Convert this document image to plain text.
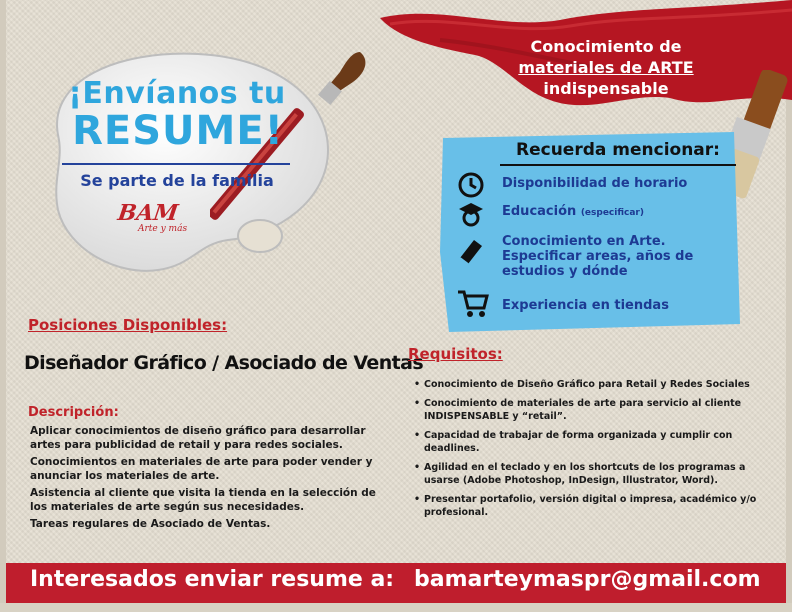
Conocimiento de
materiales de ARTE
indispensable
¡Envíanos tu
RESUME!
Se parte de la familia
BAM
Arte y más
Recuerda mencionar:
Disponibilidad de horario
Educación (especificar)
Conocimiento en Arte. Especificar areas, años de estudios y dónde
Experiencia en tiendas
Posiciones Disponibles:
Diseñador Gráfico / Asociado de Ventas
Descripción:
Aplicar conocimientos de diseño gráfico para desarrollar artes para publicidad de retail y para redes sociales.
Conocimientos en materiales de arte para poder vender y anunciar los materiales de arte.
Asistencia al cliente que visita la tienda en la selección de los materiales de arte según sus necesidades.
Tareas regulares de Asociado de Ventas.
Requisitos:
• Conocimiento de Diseño Gráfico para Retail y Redes Sociales
• Conocimiento de materiales de arte para servicio al cliente INDISPENSABLE y “retail”.
• Capacidad de trabajar de forma organizada y cumplir con deadlines.
• Agilidad en el teclado y en los shortcuts de los programas a usarse (Adobe Photoshop, InDesign, Illustrator, Word).
• Presentar portafolio, versión digital o impresa, académico y/o profesional.
Interesados enviar resume a: bamarteymaspr@gmail.com
